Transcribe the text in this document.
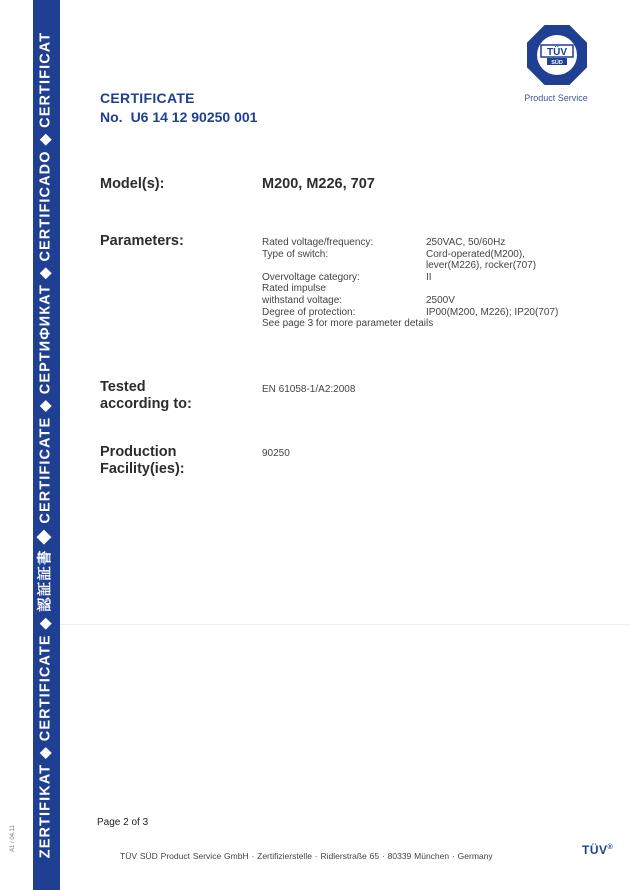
ZERTIFIKAT ◆ CERTIFICATE ◆ 認証証書 ◆ CERTIFICATE ◆ СЕРТИФИКАТ ◆ CERTIFICADO ◆ CERTIFICAT
A1 / 04.11
TÜV
SÜD
Product Service
CERTIFICATE
No. U6 14 12 90250 001
Model(s):	M200, M226, 707
Parameters:	Rated voltage/frequency:	250VAC, 50/60Hz
Type of switch:	Cord-operated(M200),
lever(M226), rocker(707)
Overvoltage category:	II
Rated impulse
withstand voltage:	2500V
Degree of protection:	IP00(M200, M226); IP20(707)
See page 3 for more parameter details
Tested
according to:
EN 61058-1/A2:2008
Production
Facility(ies):
90250
Page 2 of 3
TÜV SÜD Product Service GmbH · Zertifizierstelle · Ridlerstraße 65 · 80339 München · Germany	TÜV®
